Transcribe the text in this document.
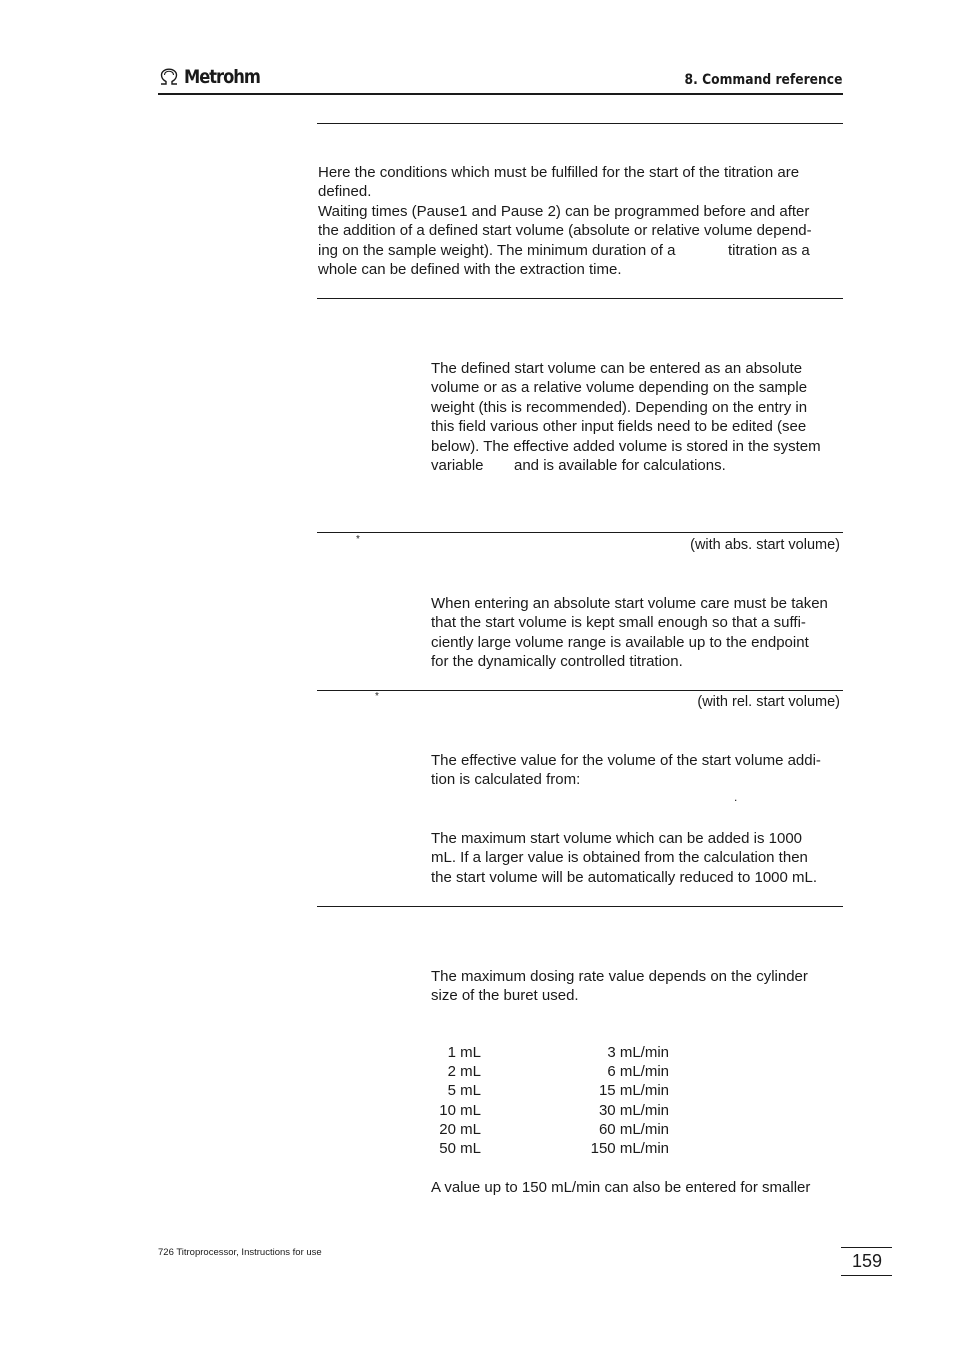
Metrohm	8. Command reference
Here the conditions which must be fulfilled for the start of the titration are
defined.
Waiting times (Pause1 and Pause 2) can be programmed before and after
the addition of a defined start volume (absolute or relative volume depend-
ing on the sample weight). The minimum duration of a	titration as a
whole can be defined with the extraction time.
The defined start volume can be entered as an absolute
volume or as a relative volume depending on the sample
weight (this is recommended). Depending on the entry in
this field various other input fields need to be edited (see
below). The effective added volume is stored in the system
variable and is available for calculations.
*	(with abs. start volume)
When entering an absolute start volume care must be taken
that the start volume is kept small enough so that a suffi-
ciently large volume range is available up to the endpoint
for the dynamically controlled titration.
*	(with rel. start volume)
The effective value for the volume of the start volume addi-
tion is calculated from:
.
The maximum start volume which can be added is 1000
mL. If a larger value is obtained from the calculation then
the start volume will be automatically reduced to 1000 mL.
The maximum dosing rate value depends on the cylinder
size of the buret used.
1 mL	3 mL/min
2 mL	6 mL/min
5 mL	15 mL/min
10 mL	30 mL/min
20 mL	60 mL/min
50 mL	150 mL/min
A value up to 150 mL/min can also be entered for smaller
726 Titroprocessor, Instructions for use	159
